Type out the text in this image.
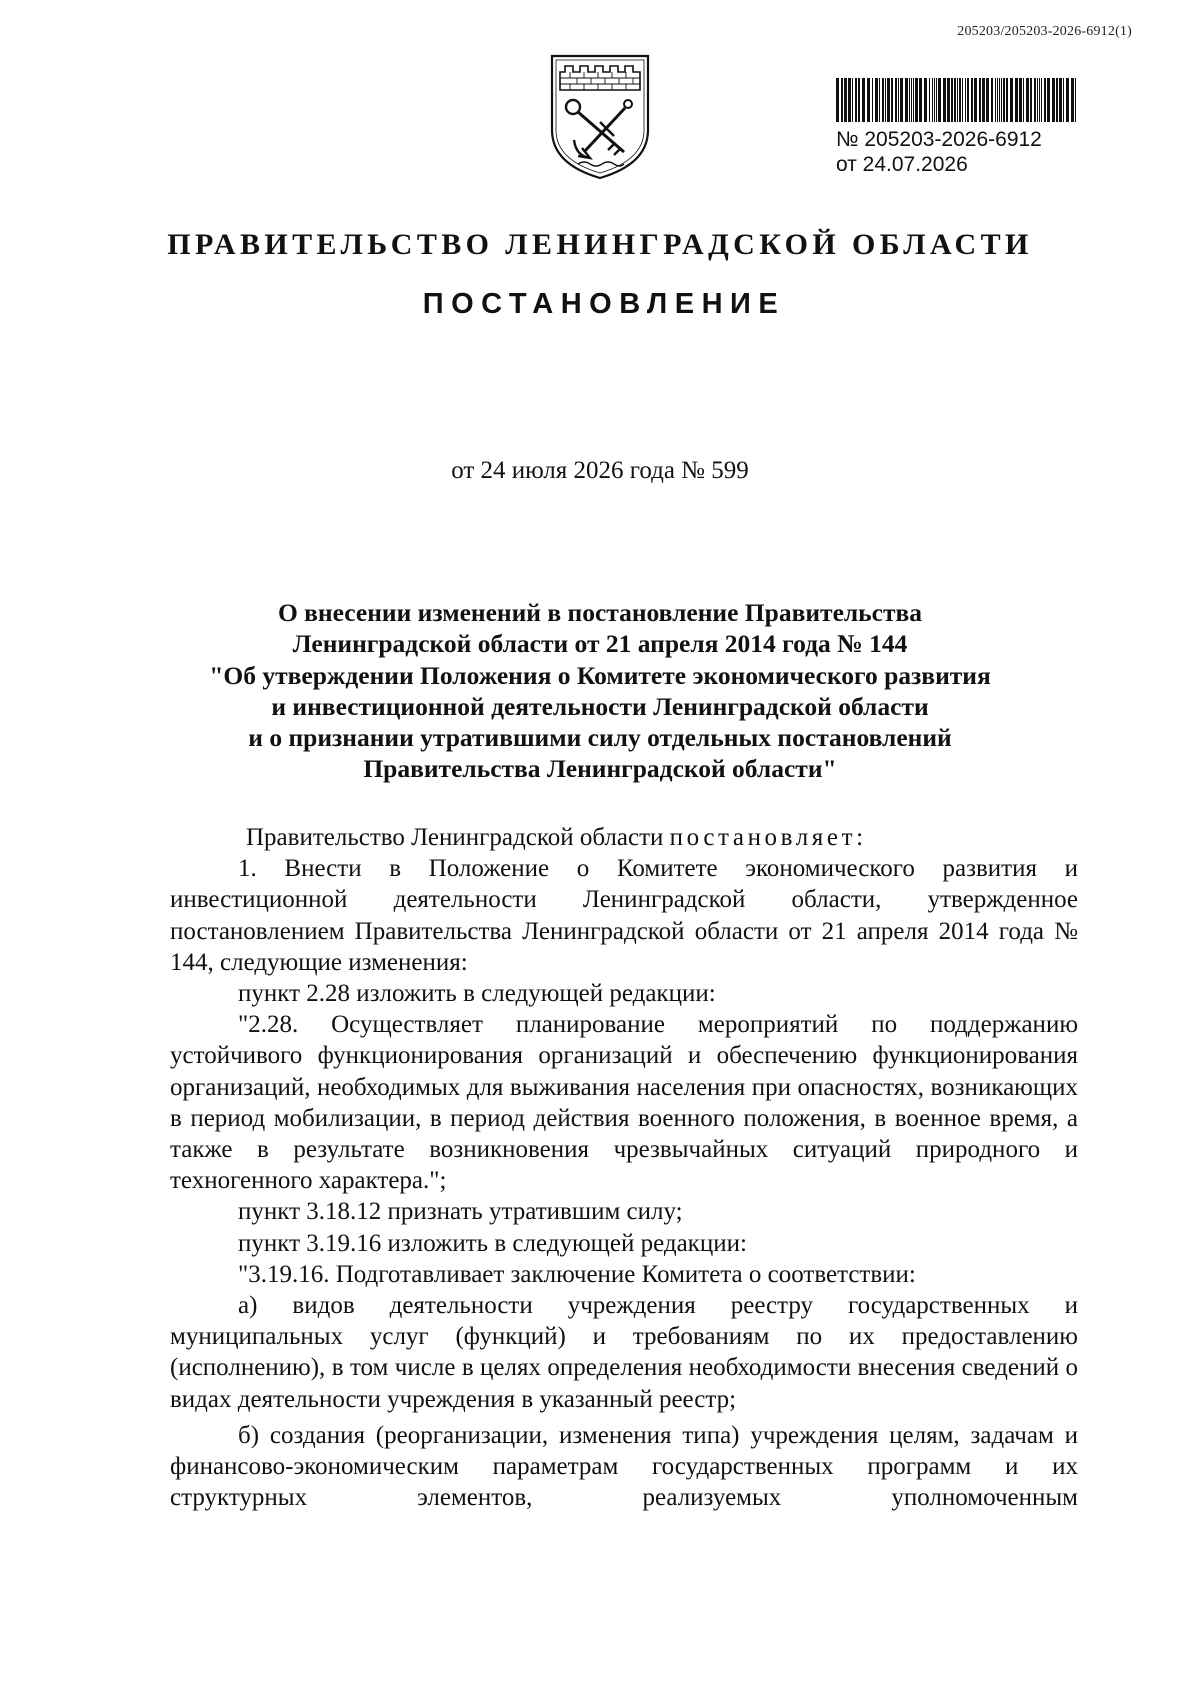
205203/205203-2026-6912(1)
№ 205203-2026-6912
от 24.07.2026
ПРАВИТЕЛЬСТВО ЛЕНИНГРАДСКОЙ ОБЛАСТИ
ПОСТАНОВЛЕНИЕ
от 24 июля 2026 года № 599
О внесении изменений в постановление Правительства
Ленинградской области от 21 апреля 2014 года № 144
"Об утверждении Положения о Комитете экономического развития
и инвестиционной деятельности Ленинградской области
и о признании утратившими силу отдельных постановлений
Правительства Ленинградской области"

Правительство Ленинградской области постановляет:

1. Внести в Положение о Комитете экономического развития и инвестиционной деятельности Ленинградской области, утвержденное постановлением Правительства Ленинградской области от 21 апреля 2014 года № 144, следующие изменения:

пункт 2.28 изложить в следующей редакции:

"2.28. Осуществляет планирование мероприятий по поддержанию устойчивого функционирования организаций и обеспечению функционирования организаций, необходимых для выживания населения при опасностях, возникающих в период мобилизации, в период действия военного положения, в военное время, а также в результате возникновения чрезвычайных ситуаций природного и техногенного характера.";

пункт 3.18.12 признать утратившим силу;

пункт 3.19.16 изложить в следующей редакции:

"3.19.16. Подготавливает заключение Комитета о соответствии:

а) видов деятельности учреждения реестру государственных и муниципальных услуг (функций) и требованиям по их предоставлению (исполнению), в том числе в целях определения необходимости внесения сведений о видах деятельности учреждения в указанный реестр;

б) создания (реорганизации, изменения типа) учреждения целям, задачам и финансово-экономическим параметрам государственных программ и их структурных элементов, реализуемых уполномоченным
